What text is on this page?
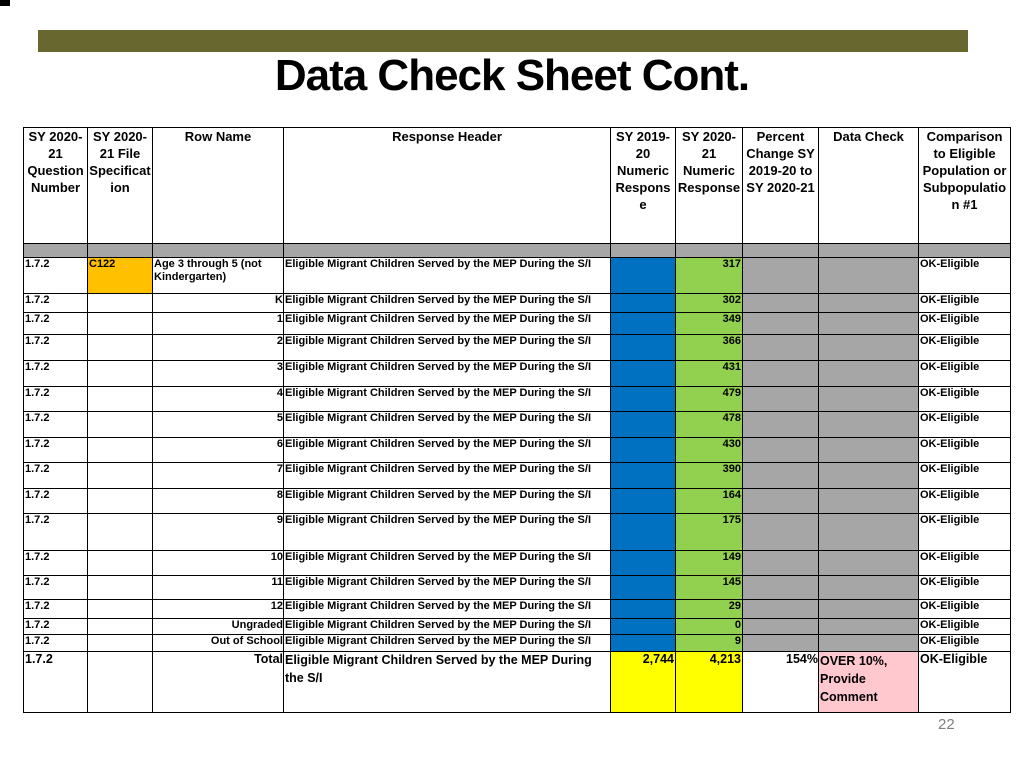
Data Check Sheet Cont.
SY 2020-21 Question Number	SY 2020-21 File Specification	Row Name	Response Header	SY 2019-20 Numeric Response	SY 2020-21 Numeric Response	Percent Change SY 2019-20 to SY 2020-21	Data Check	Comparison to Eligible Population or Subpopulation #1

1.7.2	C122	Age 3 through 5 (not Kindergarten)	Eligible Migrant Children Served by the MEP During the S/I		317			OK-Eligible
1.7.2		K	Eligible Migrant Children Served by the MEP During the S/I		302			OK-Eligible
1.7.2		1	Eligible Migrant Children Served by the MEP During the S/I		349			OK-Eligible
1.7.2		2	Eligible Migrant Children Served by the MEP During the S/I		366			OK-Eligible
1.7.2		3	Eligible Migrant Children Served by the MEP During the S/I		431			OK-Eligible
1.7.2		4	Eligible Migrant Children Served by the MEP During the S/I		479			OK-Eligible
1.7.2		5	Eligible Migrant Children Served by the MEP During the S/I		478			OK-Eligible
1.7.2		6	Eligible Migrant Children Served by the MEP During the S/I		430			OK-Eligible
1.7.2		7	Eligible Migrant Children Served by the MEP During the S/I		390			OK-Eligible
1.7.2		8	Eligible Migrant Children Served by the MEP During the S/I		164			OK-Eligible
1.7.2		9	Eligible Migrant Children Served by the MEP During the S/I		175			OK-Eligible
1.7.2		10	Eligible Migrant Children Served by the MEP During the S/I		149			OK-Eligible
1.7.2		11	Eligible Migrant Children Served by the MEP During the S/I		145			OK-Eligible
1.7.2		12	Eligible Migrant Children Served by the MEP During the S/I		29			OK-Eligible
1.7.2		Ungraded	Eligible Migrant Children Served by the MEP During the S/I		0			OK-Eligible
1.7.2		Out of School	Eligible Migrant Children Served by the MEP During the S/I		9			OK-Eligible
1.7.2		Total	Eligible Migrant Children Served by the MEP During the S/I	2,744	4,213	154%	OVER 10%, Provide Comment	OK-Eligible
22
